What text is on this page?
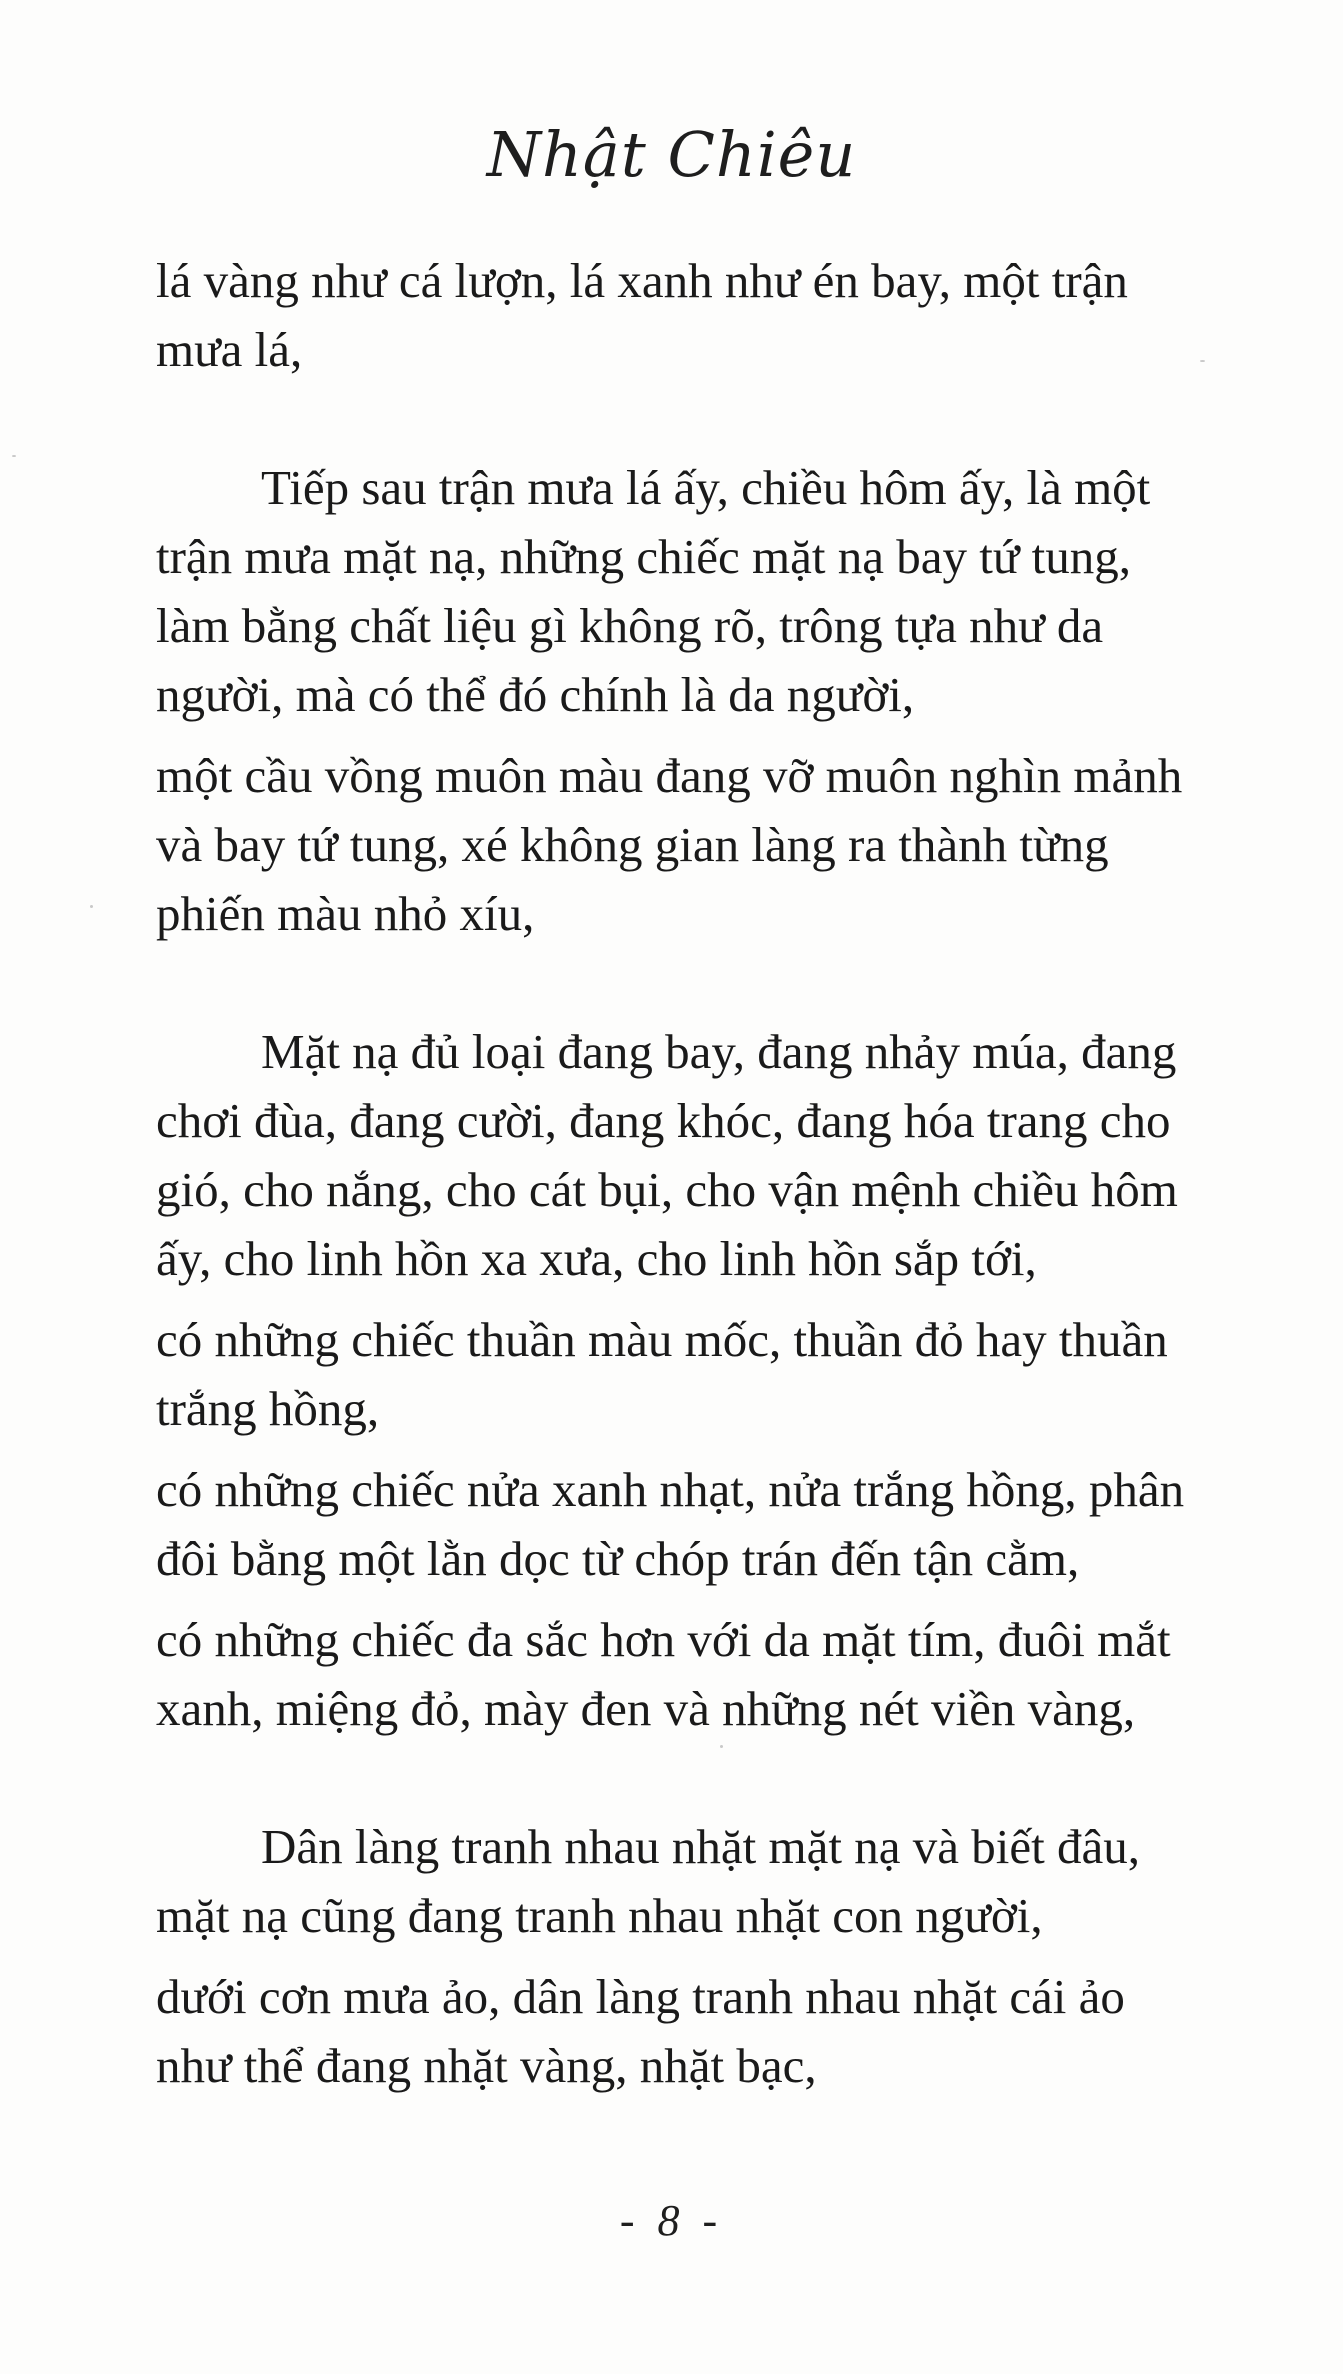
Nhật Chiêu

lá vàng như cá lượn, lá xanh như én bay, một trận
mưa lá,

Tiếp sau trận mưa lá ấy, chiều hôm ấy, là một
trận mưa mặt nạ, những chiếc mặt nạ bay tứ tung,
làm bằng chất liệu gì không rõ, trông tựa như da
người, mà có thể đó chính là da người,

một cầu vồng muôn màu đang vỡ muôn nghìn mảnh
và bay tứ tung, xé không gian làng ra thành từng
phiến màu nhỏ xíu,

Mặt nạ đủ loại đang bay, đang nhảy múa, đang
chơi đùa, đang cười, đang khóc, đang hóa trang cho
gió, cho nắng, cho cát bụi, cho vận mệnh chiều hôm
ấy, cho linh hồn xa xưa, cho linh hồn sắp tới,

có những chiếc thuần màu mốc, thuần đỏ hay thuần
trắng hồng,

có những chiếc nửa xanh nhạt, nửa trắng hồng, phân
đôi bằng một lằn dọc từ chóp trán đến tận cằm,

có những chiếc đa sắc hơn với da mặt tím, đuôi mắt
xanh, miệng đỏ, mày đen và những nét viền vàng,

Dân làng tranh nhau nhặt mặt nạ và biết đâu,
mặt nạ cũng đang tranh nhau nhặt con người,

dưới cơn mưa ảo, dân làng tranh nhau nhặt cái ảo
như thể đang nhặt vàng, nhặt bạc,

- 8 -
